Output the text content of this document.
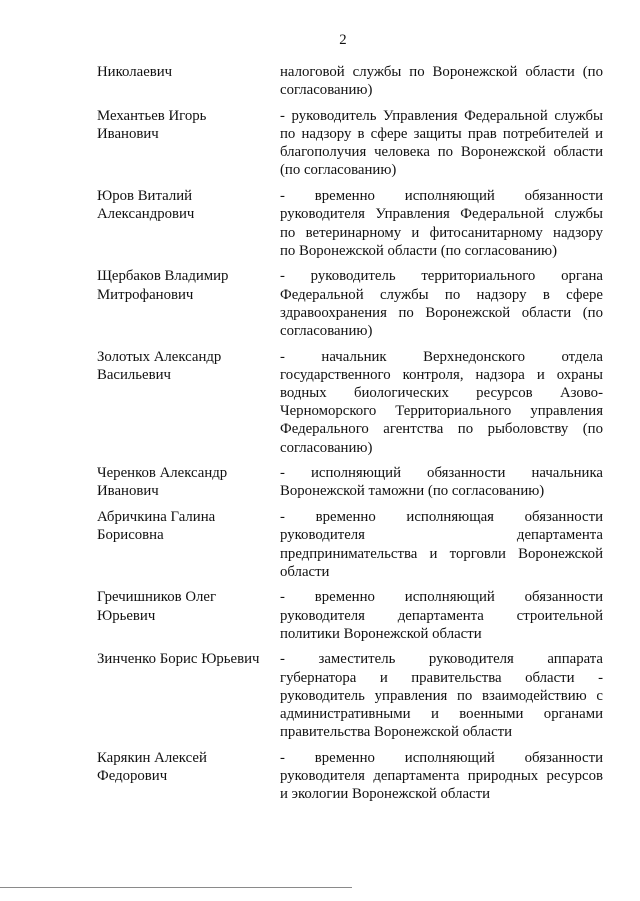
2
Николаевич	налоговой службы по Воронежской области (по
согласованию)
Механтьев Игорь
Иванович
- руководитель Управления Федеральной службы
по надзору в сфере защиты прав потребителей и
благополучия человека по Воронежской области
(по согласованию)
Юров Виталий
Александрович
- временно исполняющий обязанности
руководителя Управления Федеральной службы
по ветеринарному и фитосанитарному надзору
по Воронежской области (по согласованию)
Щербаков Владимир
Митрофанович
- руководитель территориального органа
Федеральной службы по надзору в сфере
здравоохранения по Воронежской области (по
согласованию)
Золотых Александр
Васильевич
- начальник Верхнедонского отдела
государственного контроля, надзора и охраны
водных биологических ресурсов Азово-
Черноморского Территориального управления
Федерального агентства по рыболовству (по
согласованию)
Черенков Александр
Иванович
- исполняющий обязанности начальника
Воронежской таможни (по согласованию)
Абричкина Галина
Борисовна
- временно исполняющая обязанности
руководителя департамента
предпринимательства и торговли Воронежской
области
Гречишников Олег
Юрьевич
- временно исполняющий обязанности
руководителя департамента строительной
политики Воронежской области
Зинченко Борис Юрьевич	- заместитель руководителя аппарата
губернатора и правительства области -
руководитель управления по взаимодействию с
административными и военными органами
правительства Воронежской области
Карякин Алексей
Федорович
- временно исполняющий обязанности
руководителя департамента природных ресурсов
и экологии Воронежской области
